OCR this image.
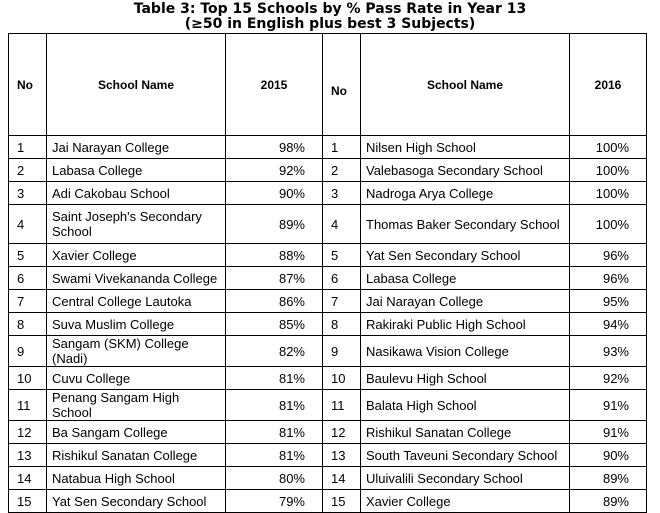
Table 3: Top 15 Schools by % Pass Rate in Year 13
(≥50 in English plus best 3 Subjects)
No	School Name	2015	No	School Name	2016
1	Jai Narayan College	98%	1	Nilsen High School	100%
2	Labasa College	92%	2	Valebasoga Secondary School	100%
3	Adi Cakobau School	90%	3	Nadroga Arya College	100%
4	Saint Joseph's Secondary School	89%	4	Thomas Baker Secondary School	100%
5	Xavier College	88%	5	Yat Sen Secondary School	96%
6	Swami Vivekananda College	87%	6	Labasa College	96%
7	Central College Lautoka	86%	7	Jai Narayan College	95%
8	Suva Muslim College	85%	8	Rakiraki Public High School	94%
9	Sangam (SKM) College (Nadi)	82%	9	Nasikawa Vision College	93%
10	Cuvu College	81%	10	Baulevu High School	92%
11	Penang Sangam High School	81%	11	Balata High School	91%
12	Ba Sangam College	81%	12	Rishikul Sanatan College	91%
13	Rishikul Sanatan College	81%	13	South Taveuni Secondary School	90%
14	Natabua High School	80%	14	Uluivalili Secondary School	89%
15	Yat Sen Secondary School	79%	15	Xavier College	89%
